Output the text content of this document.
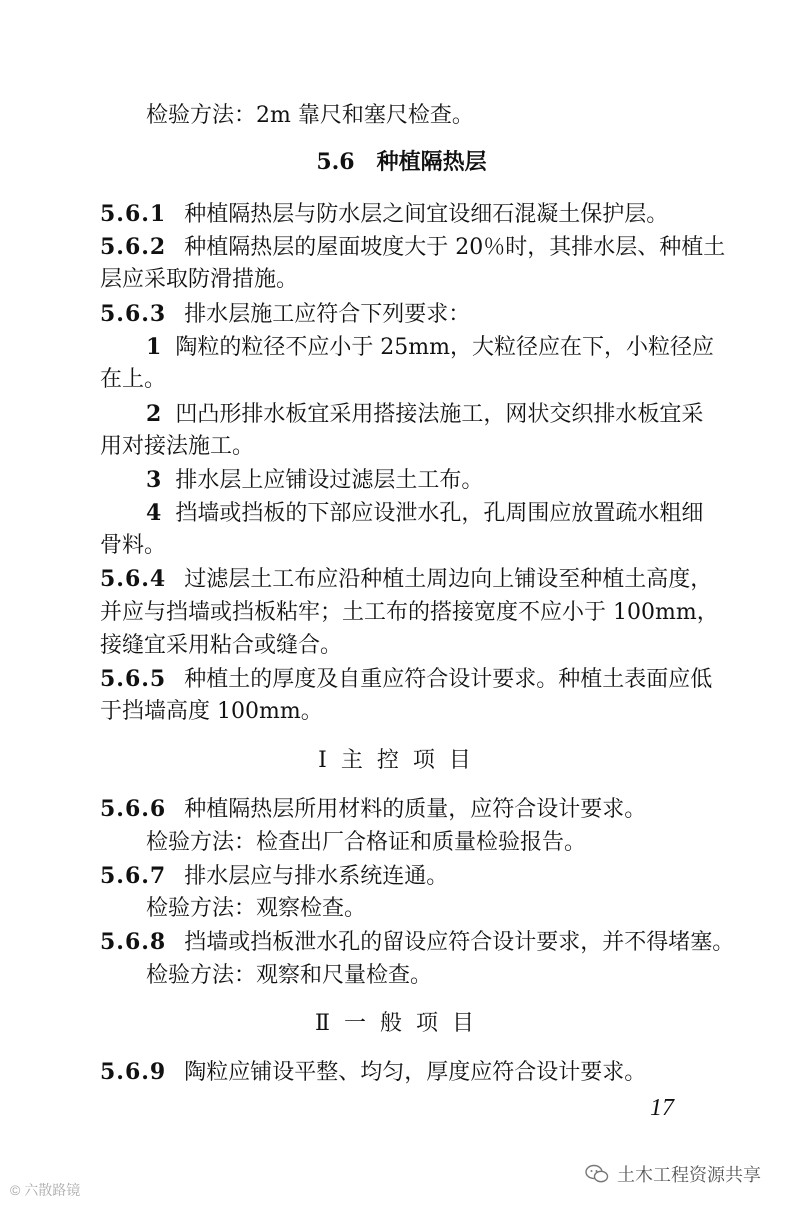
检验方法：2m 靠尺和塞尺检查。
5.6 种植隔热层
5.6.1 种植隔热层与防水层之间宜设细石混凝土保护层。
5.6.2 种植隔热层的屋面坡度大于 20％时，其排水层、种植土
层应采取防滑措施。
5.6.3 排水层施工应符合下列要求：
1 陶粒的粒径不应小于 25mm，大粒径应在下，小粒径应
在上。
2 凹凸形排水板宜采用搭接法施工，网状交织排水板宜采
用对接法施工。
3 排水层上应铺设过滤层土工布。
4 挡墙或挡板的下部应设泄水孔，孔周围应放置疏水粗细
骨料。
5.6.4 过滤层土工布应沿种植土周边向上铺设至种植土高度，
并应与挡墙或挡板粘牢；土工布的搭接宽度不应小于 100mm，
接缝宜采用粘合或缝合。
5.6.5 种植土的厚度及自重应符合设计要求。种植土表面应低
于挡墙高度 100mm。
Ⅰ 主控项目
5.6.6 种植隔热层所用材料的质量，应符合设计要求。
检验方法：检查出厂合格证和质量检验报告。
5.6.7 排水层应与排水系统连通。
检验方法：观察检查。
5.6.8 挡墙或挡板泄水孔的留设应符合设计要求，并不得堵塞。
检验方法：观察和尺量检查。
Ⅱ 一般项目
5.6.9 陶粒应铺设平整、均匀，厚度应符合设计要求。
17
土木工程资源共享
© 六散路镜
